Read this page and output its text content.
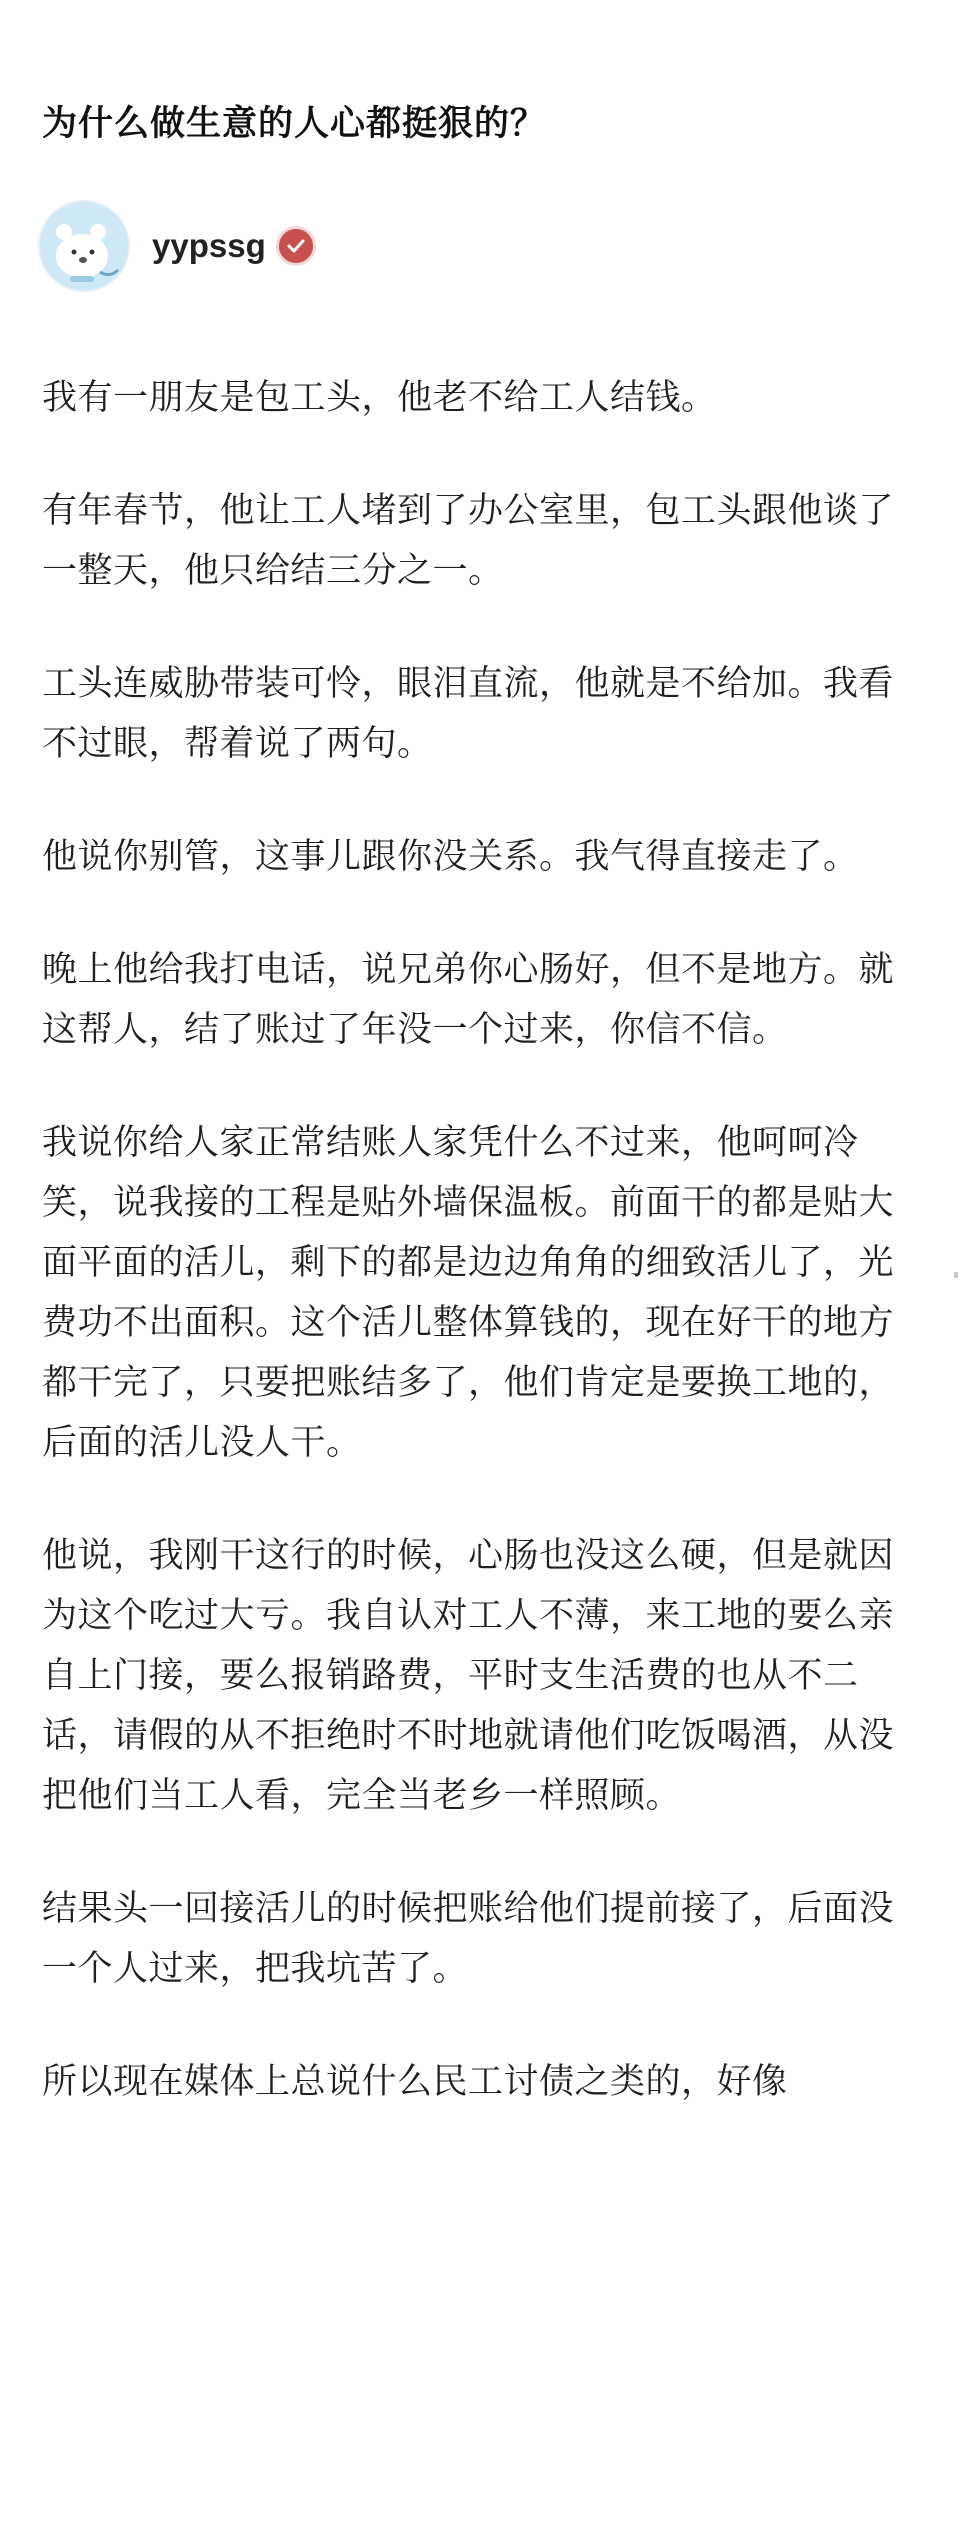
为什么做生意的人心都挺狠的？
yypssg

我有一朋友是包工头，他老不给工人结钱。

有年春节，他让工人堵到了办公室里，包工头跟他谈了一整天，他只给结三分之一。

工头连威胁带装可怜，眼泪直流，他就是不给加。我看不过眼，帮着说了两句。

他说你别管，这事儿跟你没关系。我气得直接走了。

晚上他给我打电话，说兄弟你心肠好，但不是地方。就这帮人，结了账过了年没一个过来，你信不信。

我说你给人家正常结账人家凭什么不过来，他呵呵冷笑，说我接的工程是贴外墙保温板。前面干的都是贴大面平面的活儿，剩下的都是边边角角的细致活儿了，光费功不出面积。这个活儿整体算钱的，现在好干的地方都干完了，只要把账结多了，他们肯定是要换工地的，后面的活儿没人干。

他说，我刚干这行的时候，心肠也没这么硬，但是就因为这个吃过大亏。我自认对工人不薄，来工地的要么亲自上门接，要么报销路费，平时支生活费的也从不二话，请假的从不拒绝时不时地就请他们吃饭喝酒，从没把他们当工人看，完全当老乡一样照顾。

结果头一回接活儿的时候把账给他们提前接了，后面没一个人过来，把我坑苦了。

所以现在媒体上总说什么民工讨债之类的，好像
